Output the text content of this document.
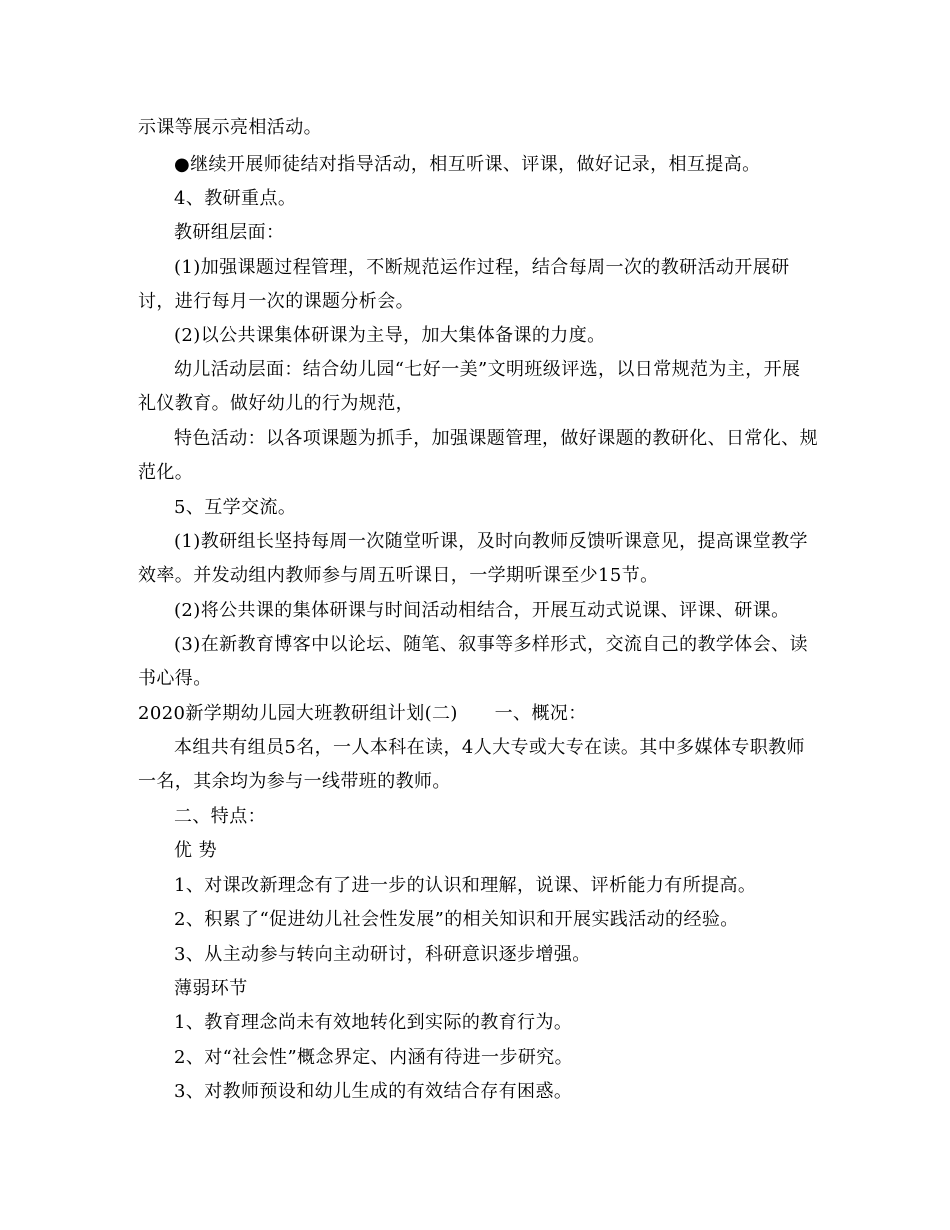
示课等展示亮相活动。

●继续开展师徒结对指导活动，相互听课、评课，做好记录，相互提高。

4、教研重点。

教研组层面：

(1)加强课题过程管理，不断规范运作过程，结合每周一次的教研活动开展研讨，进行每月一次的课题分析会。

(2)以公共课集体研课为主导，加大集体备课的力度。

幼儿活动层面：结合幼儿园“七好一美”文明班级评选，以日常规范为主，开展礼仪教育。做好幼儿的行为规范，

特色活动：以各项课题为抓手，加强课题管理，做好课题的教研化、日常化、规范化。

5、互学交流。

(1)教研组长坚持每周一次随堂听课，及时向教师反馈听课意见，提高课堂教学效率。并发动组内教师参与周五听课日，一学期听课至少15节。

(2)将公共课的集体研课与时间活动相结合，开展互动式说课、评课、研课。

(3)在新教育博客中以论坛、随笔、叙事等多样形式，交流自己的教学体会、读书心得。

2020新学期幼儿园大班教研组计划(二)　　一、概况：

本组共有组员5名，一人本科在读，4人大专或大专在读。其中多媒体专职教师一名，其余均为参与一线带班的教师。

二、特点：

优 势

1、对课改新理念有了进一步的认识和理解，说课、评析能力有所提高。

2、积累了“促进幼儿社会性发展”的相关知识和开展实践活动的经验。

3、从主动参与转向主动研讨，科研意识逐步增强。

薄弱环节

1、教育理念尚未有效地转化到实际的教育行为。

2、对“社会性”概念界定、内涵有待进一步研究。

3、对教师预设和幼儿生成的有效结合存有困惑。
